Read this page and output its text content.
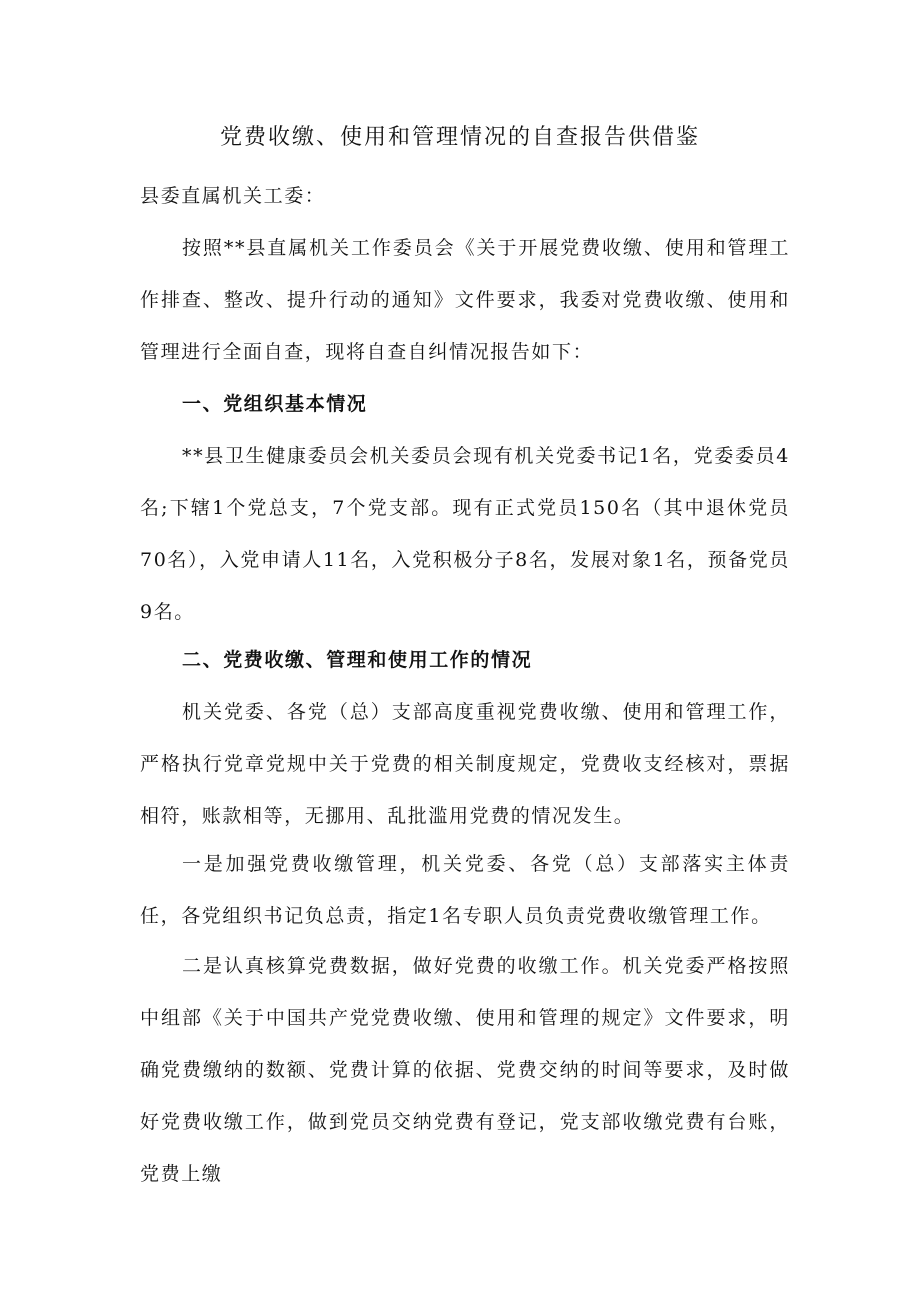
党费收缴、使用和管理情况的自查报告供借鉴

县委直属机关工委：

按照**县直属机关工作委员会《关于开展党费收缴、使用和管理工作排查、整改、提升行动的通知》文件要求，我委对党费收缴、使用和管理进行全面自查，现将自查自纠情况报告如下：

一、党组织基本情况

**县卫生健康委员会机关委员会现有机关党委书记1名，党委委员4名;下辖1个党总支，7个党支部。现有正式党员150名（其中退休党员70名），入党申请人11名，入党积极分子8名，发展对象1名，预备党员9名。

二、党费收缴、管理和使用工作的情况

机关党委、各党（总）支部高度重视党费收缴、使用和管理工作，严格执行党章党规中关于党费的相关制度规定，党费收支经核对，票据相符，账款相等，无挪用、乱批滥用党费的情况发生。

一是加强党费收缴管理，机关党委、各党（总）支部落实主体责任，各党组织书记负总责，指定1名专职人员负责党费收缴管理工作。

二是认真核算党费数据，做好党费的收缴工作。机关党委严格按照中组部《关于中国共产党党费收缴、使用和管理的规定》文件要求，明确党费缴纳的数额、党费计算的依据、党费交纳的时间等要求，及时做好党费收缴工作，做到党员交纳党费有登记，党支部收缴党费有台账，党费上缴
